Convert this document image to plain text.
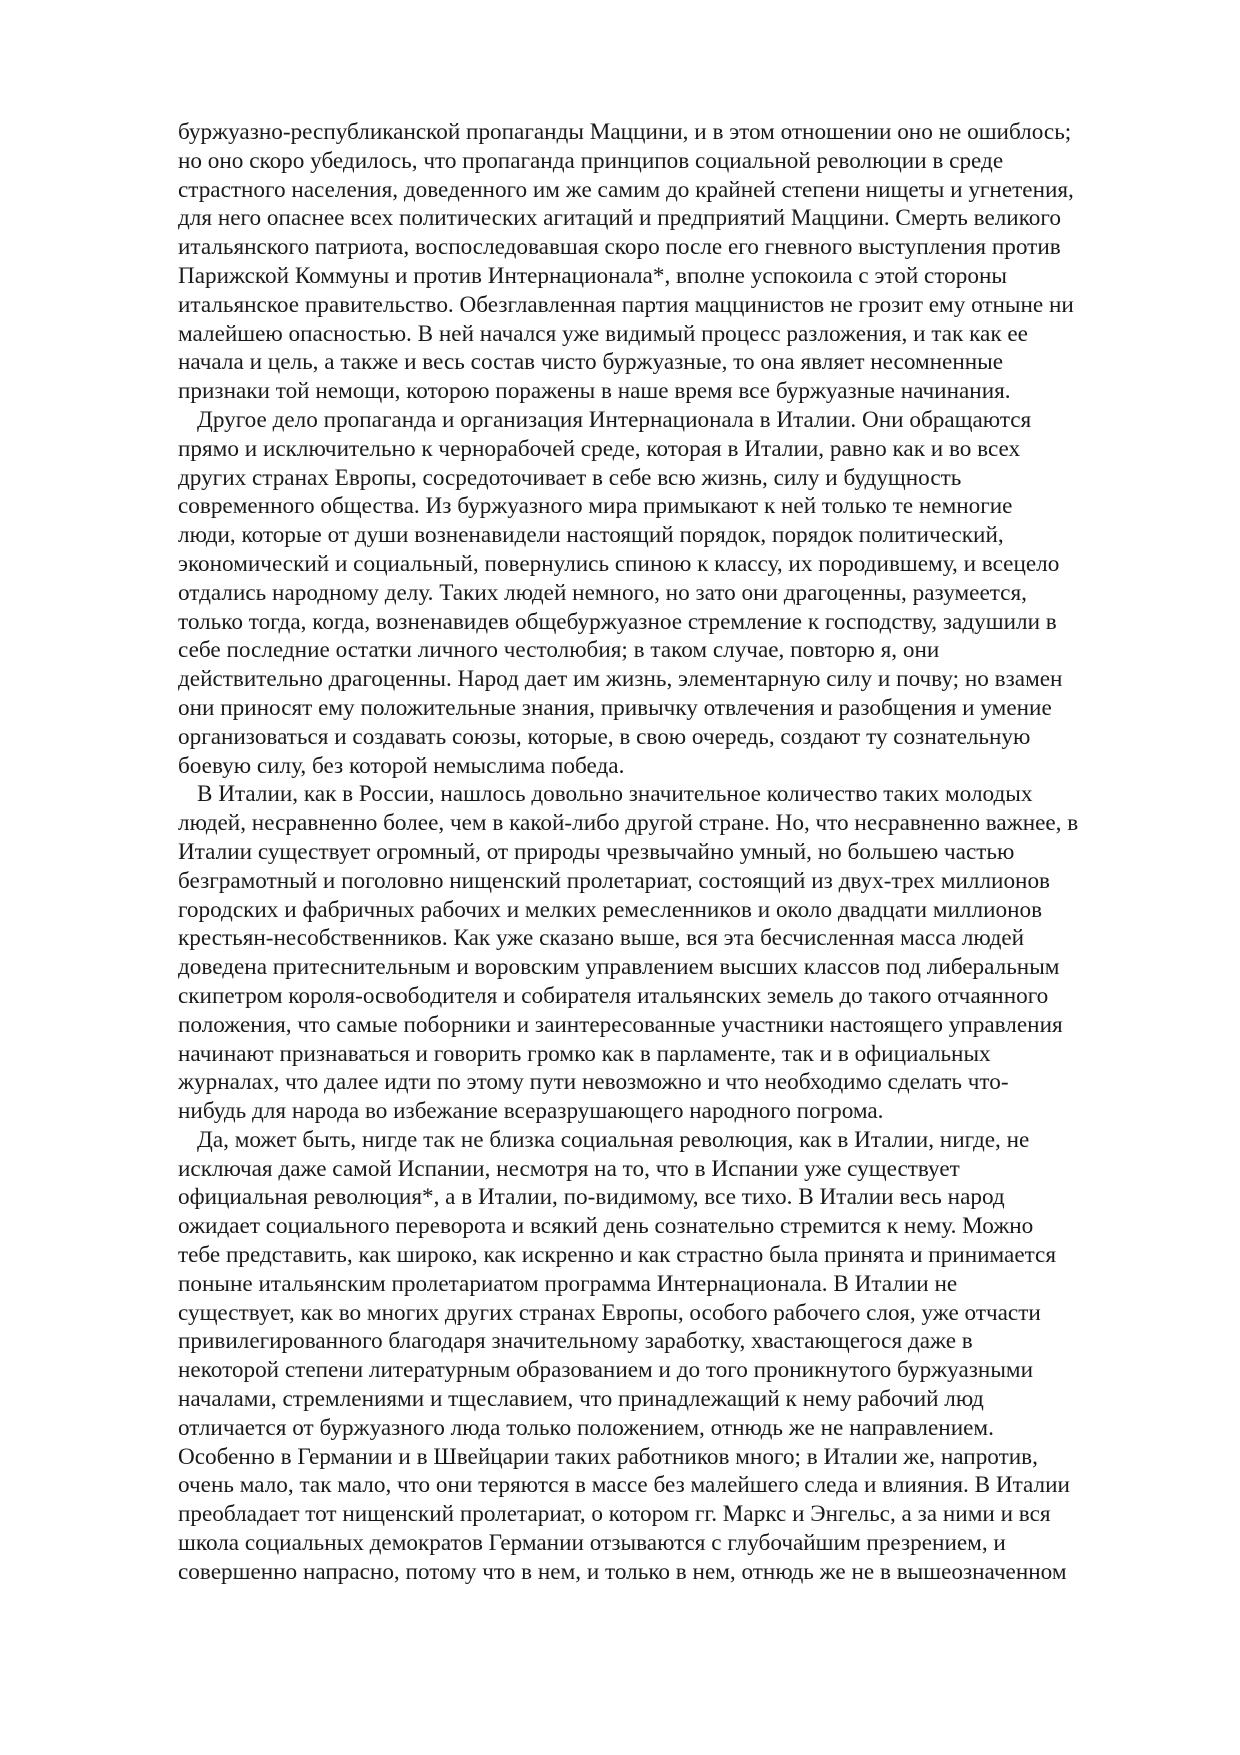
буржуазно-республиканской пропаганды Маццини, и в этом отношении оно не ошиблось;
но оно скоро убедилось, что пропаганда принципов социальной революции в среде
страстного населения, доведенного им же самим до крайней степени нищеты и угнетения,
для него опаснее всех политических агитаций и предприятий Маццини. Смерть великого
итальянского патриота, воспоследовавшая скоро после его гневного выступления против
Парижской Коммуны и против Интернационала*, вполне успокоила с этой стороны
итальянское правительство. Обезглавленная партия маццинистов не грозит ему отныне ни
малейшею опасностью. В ней начался уже видимый процесс разложения, и так как ее
начала и цель, а также и весь состав чисто буржуазные, то она являет несомненные
признаки той немощи, которою поражены в наше время все буржуазные начинания.
Другое дело пропаганда и организация Интернационала в Италии. Они обращаются
прямо и исключительно к чернорабочей среде, которая в Италии, равно как и во всех
других странах Европы, сосредоточивает в себе всю жизнь, силу и будущность
современного общества. Из буржуазного мира примыкают к ней только те немногие
люди, которые от души возненавидели настоящий порядок, порядок политический,
экономический и социальный, повернулись спиною к классу, их породившему, и всецело
отдались народному делу. Таких людей немного, но зато они драгоценны, разумеется,
только тогда, когда, возненавидев общебуржуазное стремление к господству, задушили в
себе последние остатки личного честолюбия; в таком случае, повторю я, они
действительно драгоценны. Народ дает им жизнь, элементарную силу и почву; но взамен
они приносят ему положительные знания, привычку отвлечения и разобщения и умение
организоваться и создавать союзы, которые, в свою очередь, создают ту сознательную
боевую силу, без которой немыслима победа.
В Италии, как в России, нашлось довольно значительное количество таких молодых
людей, несравненно более, чем в какой-либо другой стране. Но, что несравненно важнее, в
Италии существует огромный, от природы чрезвычайно умный, но большею частью
безграмотный и поголовно нищенский пролетариат, состоящий из двух-трех миллионов
городских и фабричных рабочих и мелких ремесленников и около двадцати миллионов
крестьян-несобственников. Как уже сказано выше, вся эта бесчисленная масса людей
доведена притеснительным и воровским управлением высших классов под либеральным
скипетром короля-освободителя и собирателя итальянских земель до такого отчаянного
положения, что самые поборники и заинтересованные участники настоящего управления
начинают признаваться и говорить громко как в парламенте, так и в официальных
журналах, что далее идти по этому пути невозможно и что необходимо сделать что-
нибудь для народа во избежание всеразрушающего народного погрома.
Да, может быть, нигде так не близка социальная революция, как в Италии, нигде, не
исключая даже самой Испании, несмотря на то, что в Испании уже существует
официальная революция*, а в Италии, по-видимому, все тихо. В Италии весь народ
ожидает социального переворота и всякий день сознательно стремится к нему. Можно
тебе представить, как широко, как искренно и как страстно была принята и принимается
поныне итальянским пролетариатом программа Интернационала. В Италии не
существует, как во многих других странах Европы, особого рабочего слоя, уже отчасти
привилегированного благодаря значительному заработку, хвастающегося даже в
некоторой степени литературным образованием и до того проникнутого буржуазными
началами, стремлениями и тщеславием, что принадлежащий к нему рабочий люд
отличается от буржуазного люда только положением, отнюдь же не направлением.
Особенно в Германии и в Швейцарии таких работников много; в Италии же, напротив,
очень мало, так мало, что они теряются в массе без малейшего следа и влияния. В Италии
преобладает тот нищенский пролетариат, о котором гг. Маркс и Энгельс, а за ними и вся
школа социальных демократов Германии отзываются с глубочайшим презрением, и
совершенно напрасно, потому что в нем, и только в нем, отнюдь же не в вышеозначенном
